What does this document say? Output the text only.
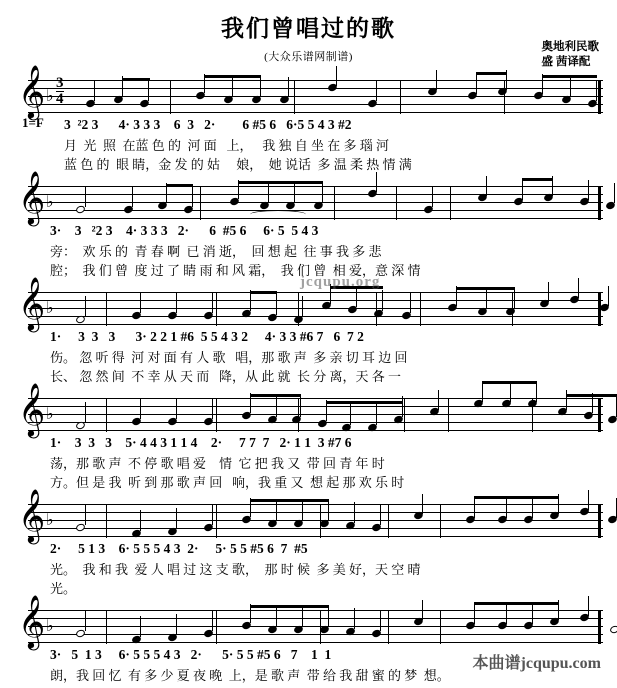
我们曾唱过的歌
(大众乐谱网制谱)
奥地利民歌
盛 茜译配
𝄞 ♭ $\frac{3}{4}$
1=F 3  ²2 3      4· 3 3 3    6  3   2·        6 #5 6   6·5 5 4 3 #2
月  光  照  在蓝 色 的  河 面   上，   我 独 自 坐 在 多 瑙 河
蓝 色 的  眼 睛，金 发 的 姑     娘，  她 说话  多 温 柔 热 情 满
𝄞 ♭
3·    3   ²2 3    4· 3 3 3   2·      6  #5 6     6· 5  5 4 3
旁：  欢 乐 的  青 春 啊  已 消 逝，  回 想 起  往 事 我 多 悲
腔；  我 们 曾  度 过 了 睛 雨 和 风 霜，  我 们 曾  相 爱，意 深 情
𝄞 ♭
1·     3  3   3      3· 2 2 1 #6  5 5 4 3 2     4· 3 3 #6 7   6  7 2
伤。 忽 听 得  河 对 面 有 人 歌   唱，那 歌 声  多 亲 切 耳 边 回
长、 忽 然 间  不 幸 从 天 而   降，从 此 就  长 分 离，天 各 一
𝄞 ♭
1·    3  3   3    5· 4 4 3 1 1 4    2·     7 7  7   2· 1 1  3 #7 6
荡，那 歌 声  不 停 歌 唱 爱    情  它 把 我 又  带 回 青 年 时
方。但 是 我  听 到 那 歌 声 回   响，我 重 又  想 起 那 欢 乐 时
𝄞 ♭
2·     5 1 3    6· 5 5 5 4 3  2·     5· 5 5 #5 6  7  #5
光。  我 和 我  爱 人 唱 过 这 支 歌，  那 时 候  多 美 好，天 空 晴
光。
𝄞 ♭
3·   5  1 3     6· 5 5 5 4 3   2·      5· 5 5 #5 6   7    1  1
朗，我 回 忆  有 多 少 夏 夜 晚  上，是 歌 声  带 给 我 甜 蜜 的 梦  想。
jcqupu.org
本曲谱jcqupu.com
